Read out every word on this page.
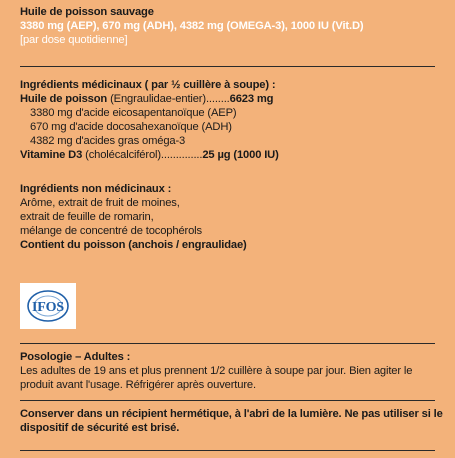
Huile de poisson sauvage
3380 mg (AEP), 670 mg (ADH), 4382 mg (OMEGA-3), 1000 IU (Vit.D)
[par dose quotidienne]
Ingrédients médicinaux ( par ½ cuillère à soupe) :
Huile de poisson (Engraulidae-entier)........6623 mg
3380 mg d'acide eicosapentanoïque (AEP)
670 mg d'acide docosahexanoïque (ADH)
4382 mg d'acides gras oméga-3
Vitamine D3 (cholécalciférol)..............25 µg (1000 IU)
Ingrédients non médicinaux :
Arôme, extrait de fruit de moines,
extrait de feuille de romarin,
mélange de concentré de tocophérols
Contient du poisson (anchois / engraulidae)
IFOS
Posologie – Adultes :
Les adultes de 19 ans et plus prennent 1/2 cuillère à soupe par jour. Bien agiter le
produit avant l'usage. Réfrigérer après ouverture.
Conserver dans un récipient hermétique, à l'abri de la lumière. Ne pas utiliser si le
dispositif de sécurité est brisé.
